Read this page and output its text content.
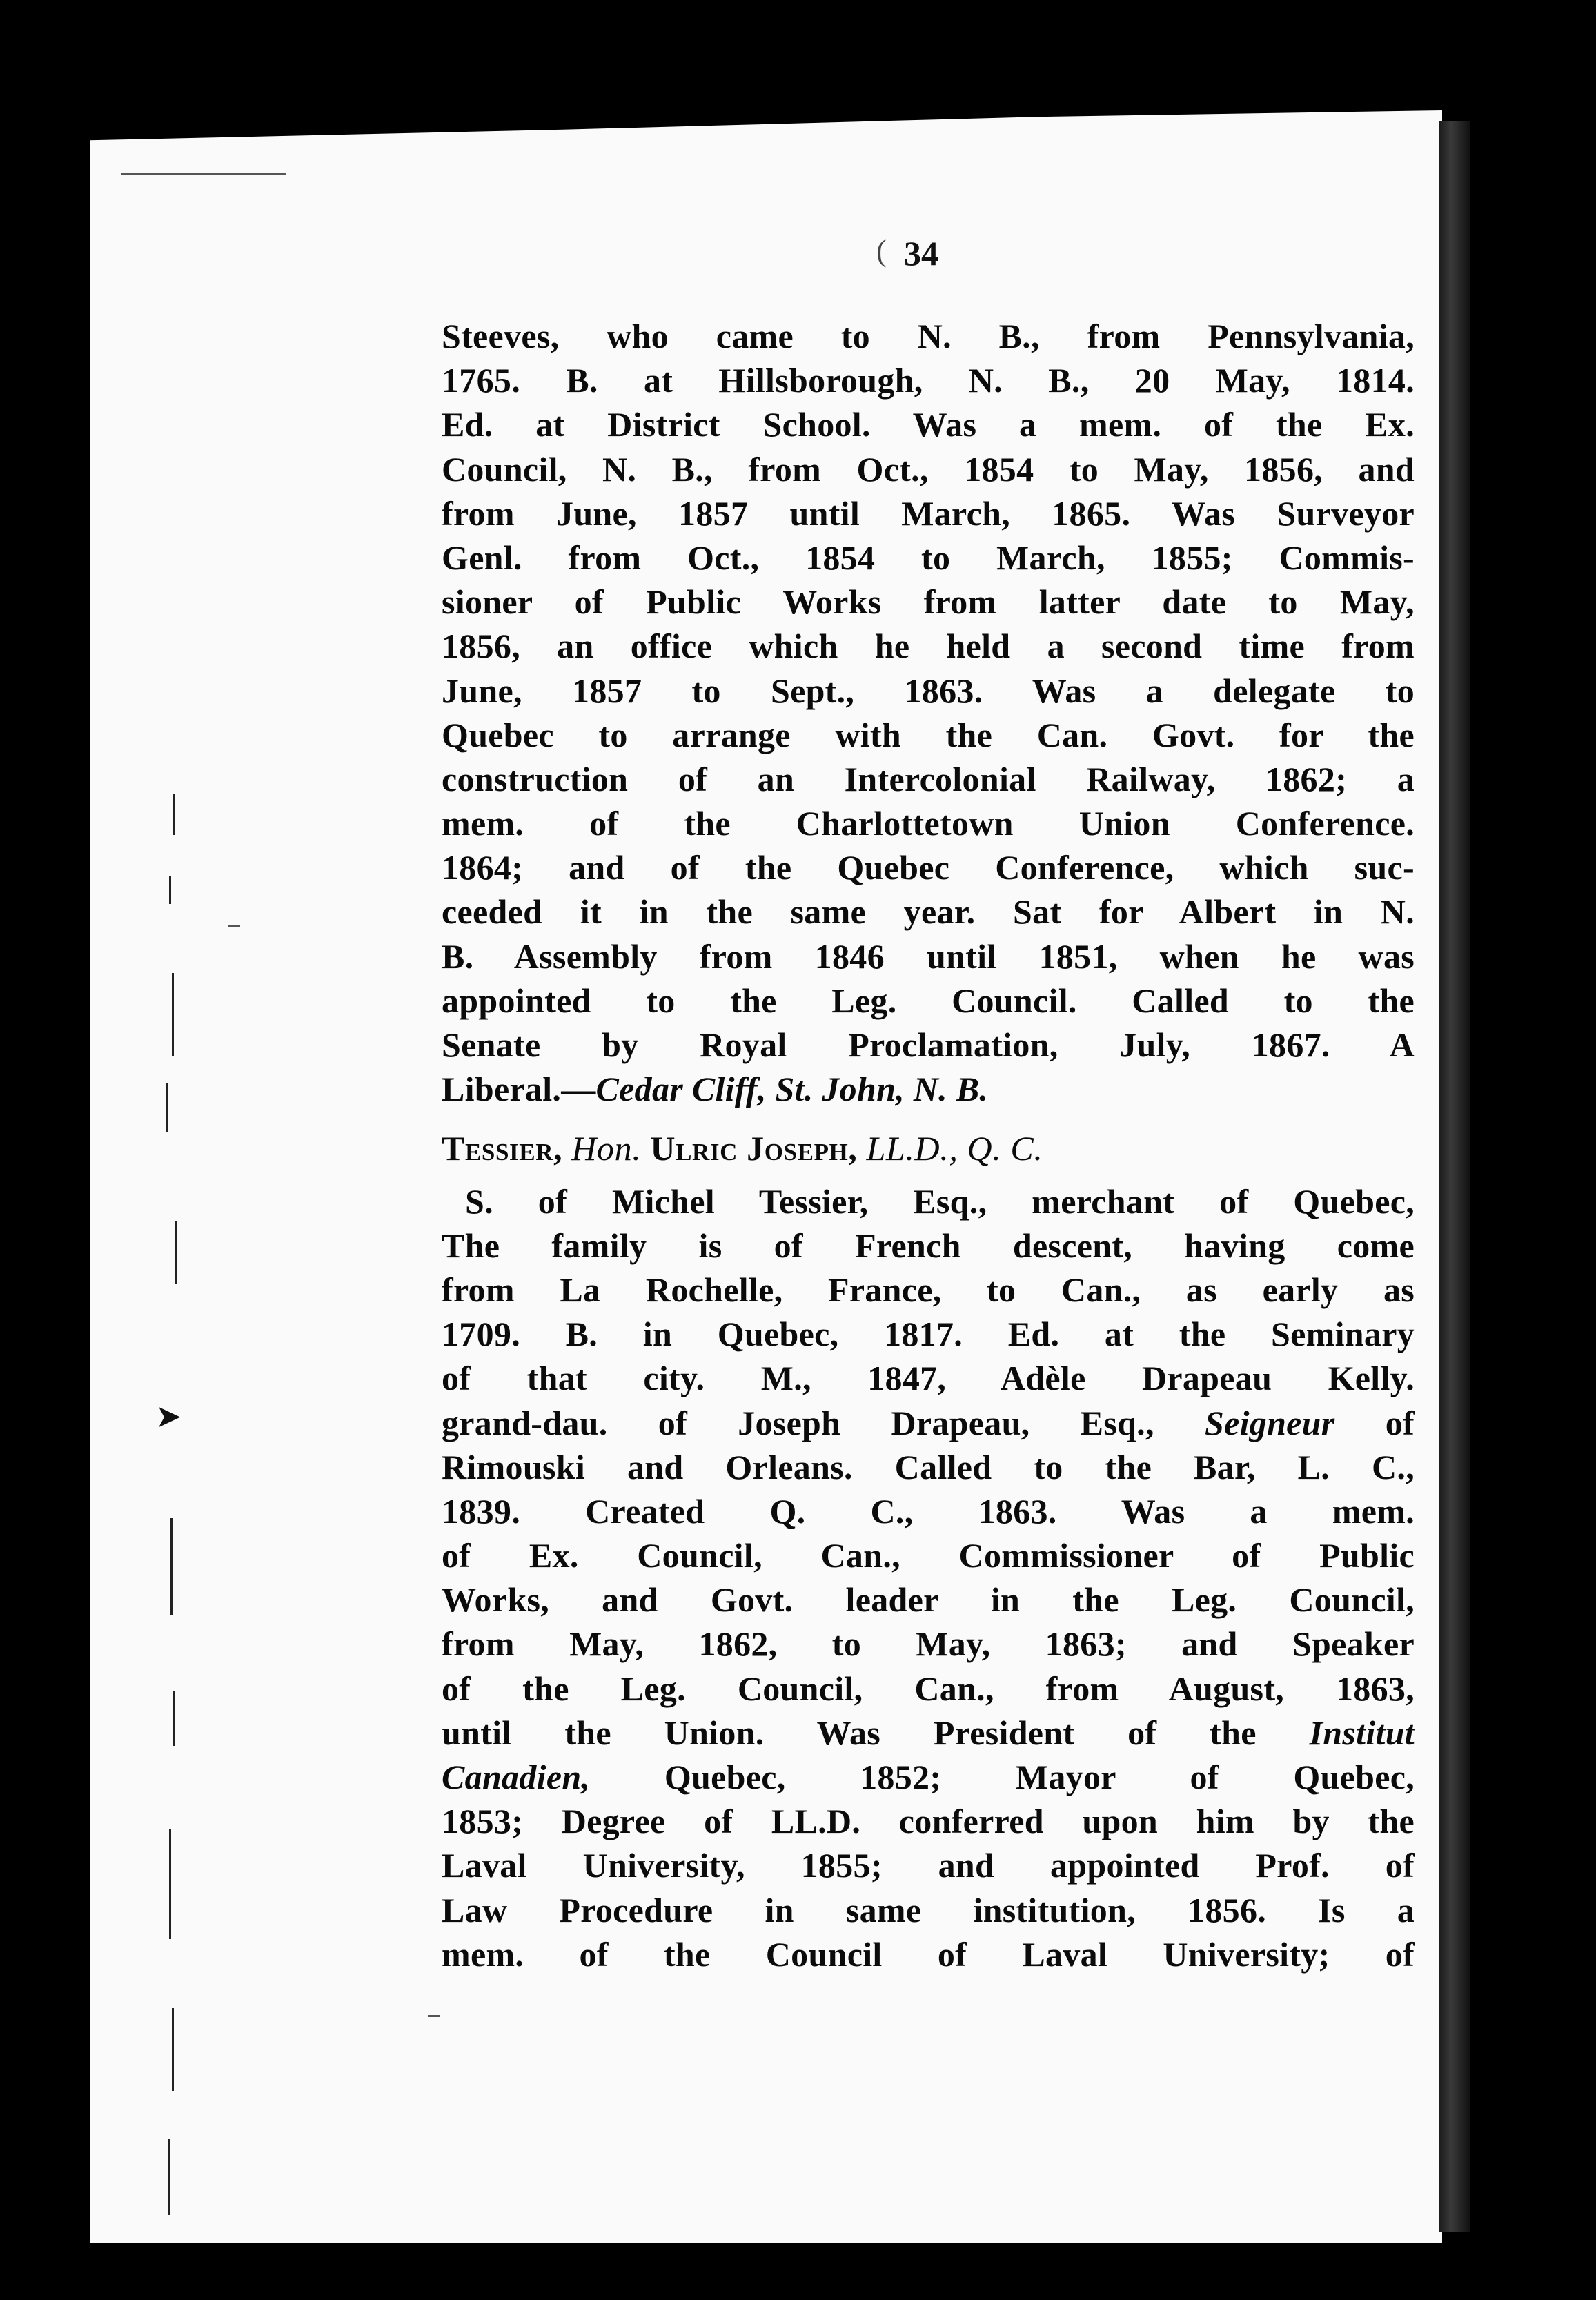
( 34
➤
Steeves, who came to N. B., from Pennsylvania,
1765. B. at Hillsborough, N. B., 20 May, 1814.
Ed. at District School. Was a mem. of the Ex.
Council, N. B., from Oct., 1854 to May, 1856, and
from June, 1857 until March, 1865. Was Surveyor
Genl. from Oct., 1854 to March, 1855; Commis-
sioner of Public Works from latter date to May,
1856, an office which he held a second time from
June, 1857 to Sept., 1863. Was a delegate to
Quebec to arrange with the Can. Govt. for the
construction of an Intercolonial Railway, 1862; a
mem. of the Charlottetown Union Conference.
1864; and of the Quebec Conference, which suc-
ceeded it in the same year. Sat for Albert in N.
B. Assembly from 1846 until 1851, when he was
appointed to the Leg. Council. Called to the
Senate by Royal Proclamation, July, 1867. A
Liberal.—Cedar Cliff, St. John, N. B.
Tessier, Hon. Ulric Joseph, LL.D., Q. C.
S. of Michel Tessier, Esq., merchant of Quebec,
The family is of French descent, having come
from La Rochelle, France, to Can., as early as
1709. B. in Quebec, 1817. Ed. at the Seminary
of that city. M., 1847, Adèle Drapeau Kelly.
grand-dau. of Joseph Drapeau, Esq., Seigneur of
Rimouski and Orleans. Called to the Bar, L. C.,
1839. Created Q. C., 1863. Was a mem.
of Ex. Council, Can., Commissioner of Public
Works, and Govt. leader in the Leg. Council,
from May, 1862, to May, 1863; and Speaker
of the Leg. Council, Can., from August, 1863,
until the Union. Was President of the Institut
Canadien, Quebec, 1852; Mayor of Quebec,
1853; Degree of LL.D. conferred upon him by the
Laval University, 1855; and appointed Prof. of
Law Procedure in same institution, 1856. Is a
mem. of the Council of Laval University; of
